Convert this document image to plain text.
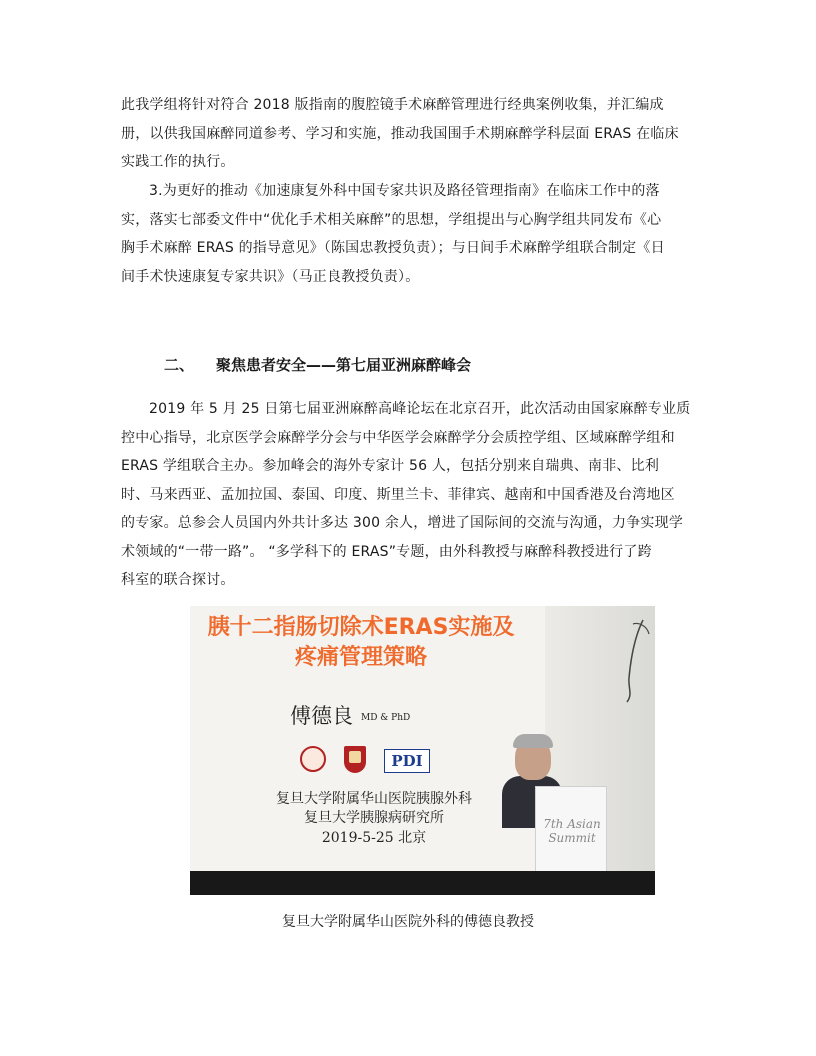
此我学组将针对符合 2018 版指南的腹腔镜手术麻醉管理进行经典案例收集，并汇编成
册，以供我国麻醉同道参考、学习和实施，推动我国围手术期麻醉学科层面 ERAS 在临床
实践工作的执行。
3.为更好的推动《加速康复外科中国专家共识及路径管理指南》在临床工作中的落
实，落实七部委文件中“优化手术相关麻醉”的思想，学组提出与心胸学组共同发布《心
胸手术麻醉 ERAS 的指导意见》（陈国忠教授负责）；与日间手术麻醉学组联合制定《日
间手术快速康复专家共识》（马正良教授负责）。
二、 聚焦患者安全——第七届亚洲麻醉峰会
2019 年 5 月 25 日第七届亚洲麻醉高峰论坛在北京召开，此次活动由国家麻醉专业质
控中心指导，北京医学会麻醉学分会与中华医学会麻醉学分会质控学组、区域麻醉学组和
ERAS 学组联合主办。参加峰会的海外专家计 56 人，包括分别来自瑞典、南非、比利
时、马来西亚、孟加拉国、泰国、印度、斯里兰卡、菲律宾、越南和中国香港及台湾地区
的专家。总参会人员国内外共计多达 300 余人，增进了国际间的交流与沟通，力争实现学
术领域的“一带一路”。 “多学科下的 ERAS”专题，由外科教授与麻醉科教授进行了跨
科室的联合探讨。
胰十二指肠切除术ERAS实施及
疼痛管理策略
傅德良 MD & PhD
PDI
复旦大学附属华山医院胰腺外科
复旦大学胰腺病研究所
2019-5-25 北京
7th Asian Summit
复旦大学附属华山医院外科的傅德良教授
